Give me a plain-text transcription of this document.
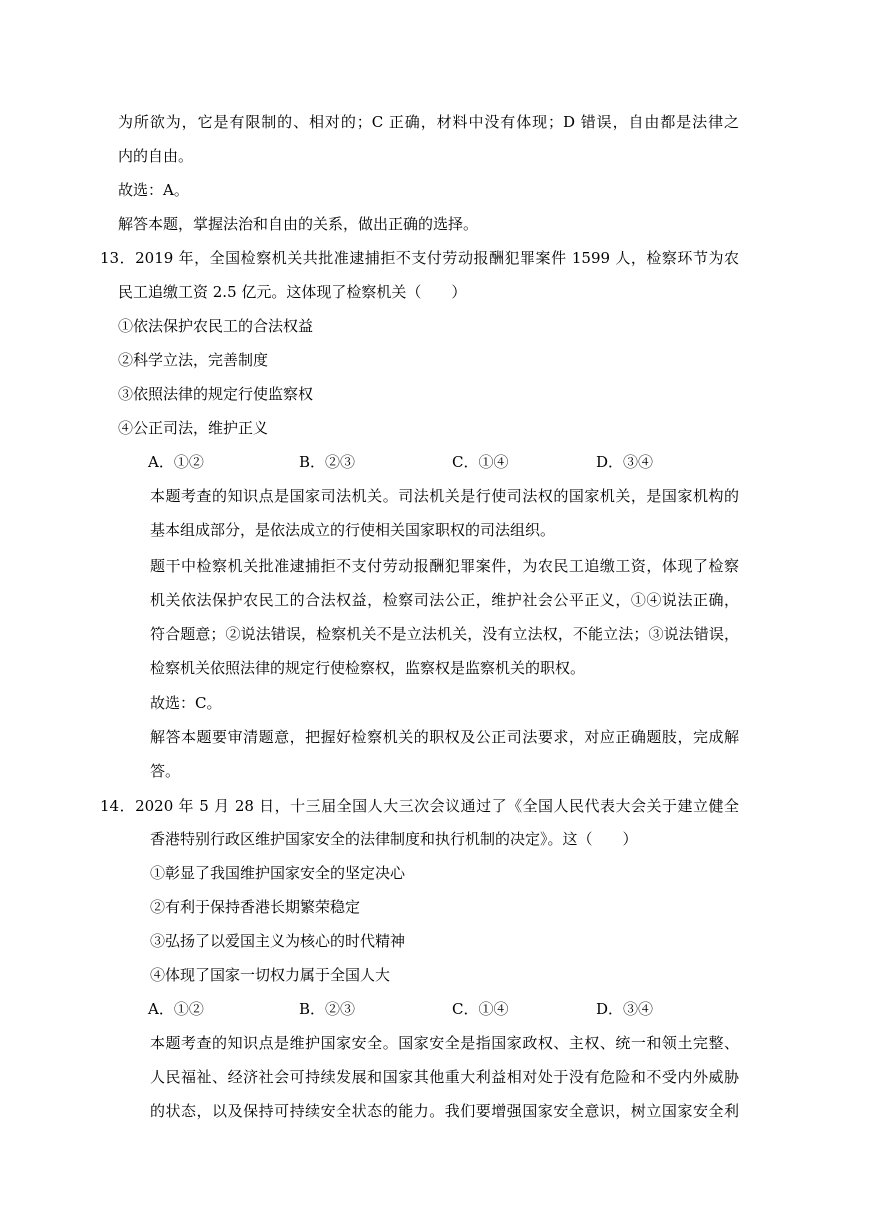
为所欲为，它是有限制的、相对的；C 正确，材料中没有体现；D 错误，自由都是法律之
内的自由。
故选：A。
解答本题，掌握法治和自由的关系，做出正确的选择。
13．2019 年，全国检察机关共批准逮捕拒不支付劳动报酬犯罪案件 1599 人，检察环节为农
民工追缴工资 2.5 亿元。这体现了检察机关（　　）
①依法保护农民工的合法权益
②科学立法，完善制度
③依照法律的规定行使监察权
④公正司法，维护正义
A．①②	B．②③	C．①④	D．③④
本题考查的知识点是国家司法机关。司法机关是行使司法权的国家机关，是国家机构的
基本组成部分，是依法成立的行使相关国家职权的司法组织。
题干中检察机关批准逮捕拒不支付劳动报酬犯罪案件，为农民工追缴工资，体现了检察
机关依法保护农民工的合法权益，检察司法公正，维护社会公平正义，①④说法正确，
符合题意；②说法错误，检察机关不是立法机关，没有立法权，不能立法；③说法错误，
检察机关依照法律的规定行使检察权，监察权是监察机关的职权。
故选：C。
解答本题要审清题意，把握好检察机关的职权及公正司法要求，对应正确题肢，完成解
答。
14．2020 年 5 月 28 日，十三届全国人大三次会议通过了《全国人民代表大会关于建立健全
香港特别行政区维护国家安全的法律制度和执行机制的决定》。这（　　）
①彰显了我国维护国家安全的坚定决心
②有利于保持香港长期繁荣稳定
③弘扬了以爱国主义为核心的时代精神
④体现了国家一切权力属于全国人大
A．①②	B．②③	C．①④	D．③④
本题考查的知识点是维护国家安全。国家安全是指国家政权、主权、统一和领土完整、
人民福祉、经济社会可持续发展和国家其他重大利益相对处于没有危险和不受内外威胁
的状态，以及保持可持续安全状态的能力。我们要增强国家安全意识，树立国家安全利
